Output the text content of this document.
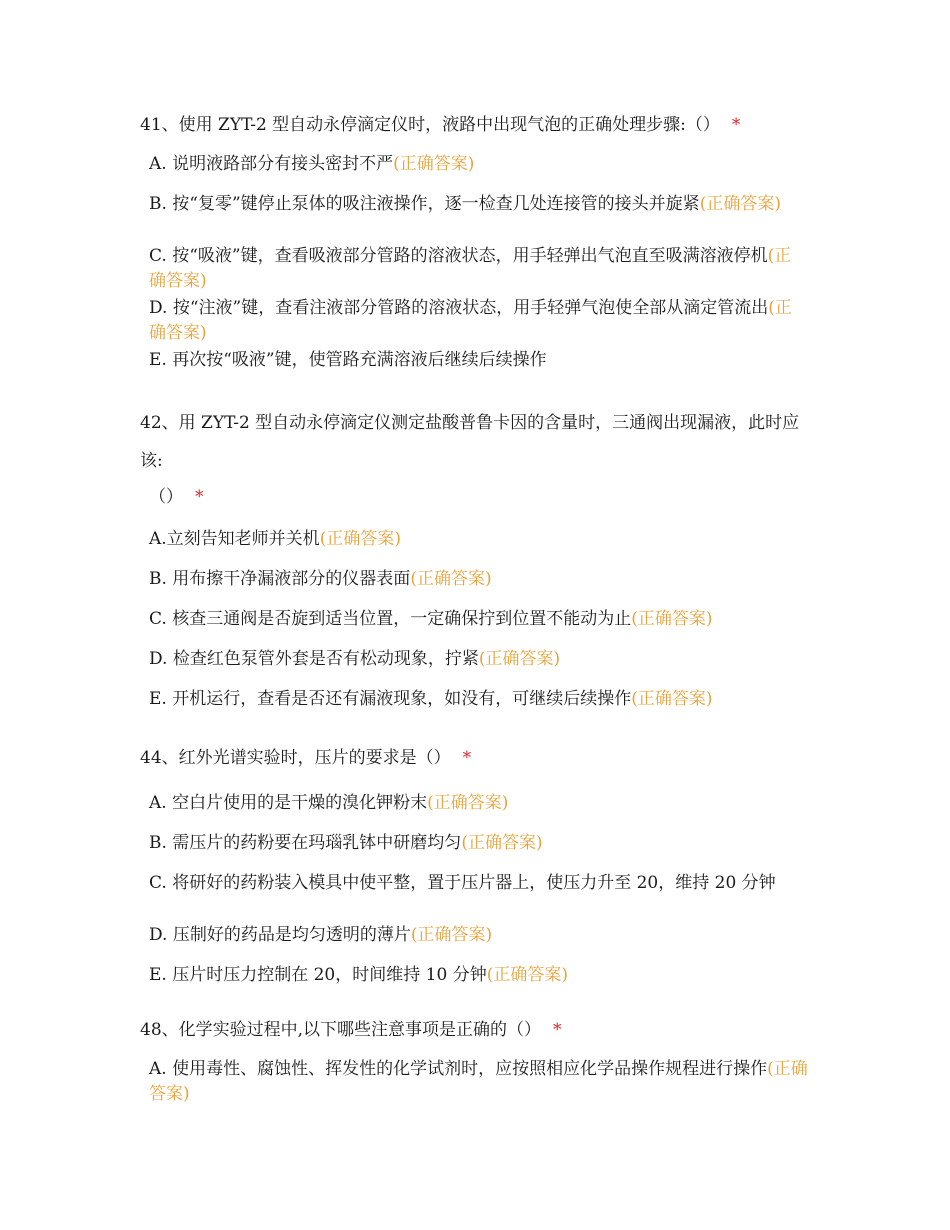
41、使用 ZYT-2 型自动永停滴定仪时，液路中出现气泡的正确处理步骤:（） *
A. 说明液路部分有接头密封不严(正确答案)
B. 按“复零”键停止泵体的吸注液操作，逐一检查几处连接管的接头并旋紧(正确答案)
C. 按“吸液”键，查看吸液部分管路的溶液状态，用手轻弹出气泡直至吸满溶液停机(正确答案)
D. 按“注液”键，查看注液部分管路的溶液状态，用手轻弹气泡使全部从滴定管流出(正确答案)
E. 再次按“吸液”键，使管路充满溶液后继续后续操作
42、用 ZYT-2 型自动永停滴定仪测定盐酸普鲁卡因的含量时，三通阀出现漏液，此时应该:
（） *
A.立刻告知老师并关机(正确答案)
B. 用布擦干净漏液部分的仪器表面(正确答案)
C. 核查三通阀是否旋到适当位置，一定确保拧到位置不能动为止(正确答案)
D. 检查红色泵管外套是否有松动现象，拧紧(正确答案)
E. 开机运行，查看是否还有漏液现象，如没有，可继续后续操作(正确答案)
44、红外光谱实验时，压片的要求是（） *
A. 空白片使用的是干燥的溴化钾粉末(正确答案)
B. 需压片的药粉要在玛瑙乳钵中研磨均匀(正确答案)
C. 将研好的药粉装入模具中使平整，置于压片器上，使压力升至 20，维持 20 分钟
D. 压制好的药品是均匀透明的薄片(正确答案)
E. 压片时压力控制在 20，时间维持 10 分钟(正确答案)
48、化学实验过程中,以下哪些注意事项是正确的（） *
A. 使用毒性、腐蚀性、挥发性的化学试剂时，应按照相应化学品操作规程进行操作(正确答案)
